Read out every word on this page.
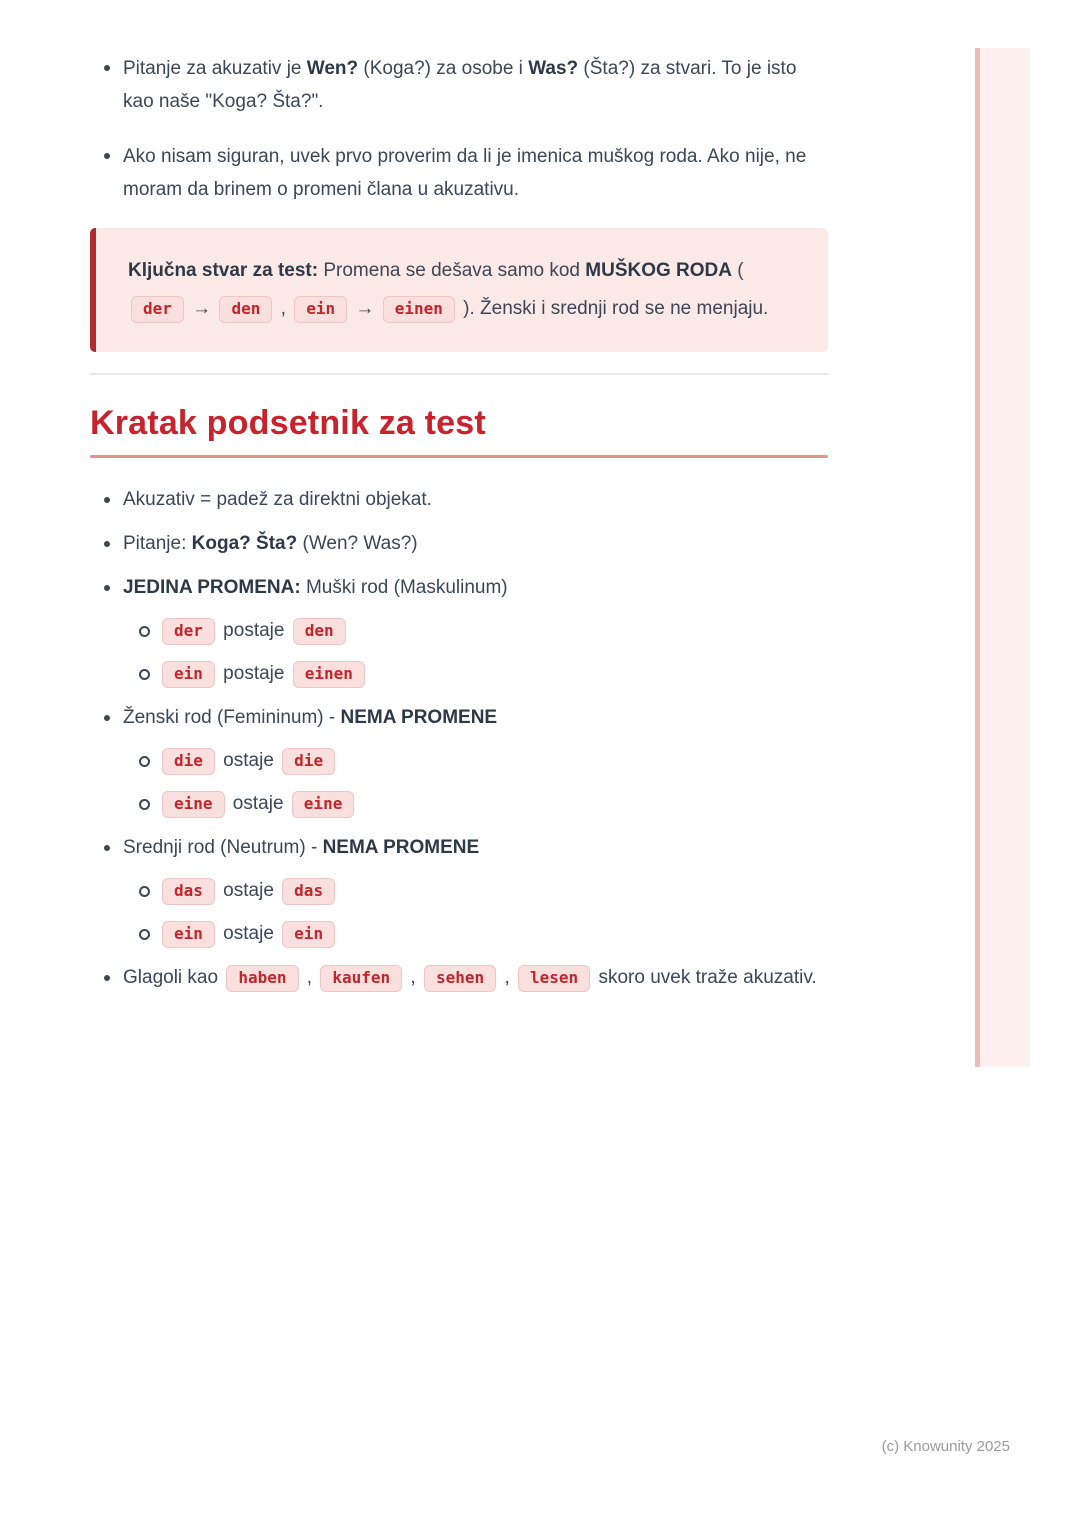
Pitanje za akuzativ je Wen? (Koga?) za osobe i Was? (Šta?) za stvari. To je isto kao naše "Koga? Šta?".
Ako nisam siguran, uvek prvo proverim da li je imenica muškog roda. Ako nije, ne moram da brinem o promeni člana u akuzativu.

Ključna stvar za test: Promena se dešava samo kod MUŠKOG RODA (der → den , ein → einen ). Ženski i srednji rod se ne menjaju.

Kratak podsetnik za test
Akuzativ = padež za direktni objekat.
Pitanje: Koga? Šta? (Wen? Was?)
JEDINA PROMENA: Muški rod (Maskulinum)
der postaje den
ein postaje einen
Ženski rod (Femininum) - NEMA PROMENE
die ostaje die
eine ostaje eine
Srednji rod (Neutrum) - NEMA PROMENE
das ostaje das
ein ostaje ein
Glagoli kao haben , kaufen , sehen , lesen skoro uvek traže akuzativ.
(c) Knowunity 2025
